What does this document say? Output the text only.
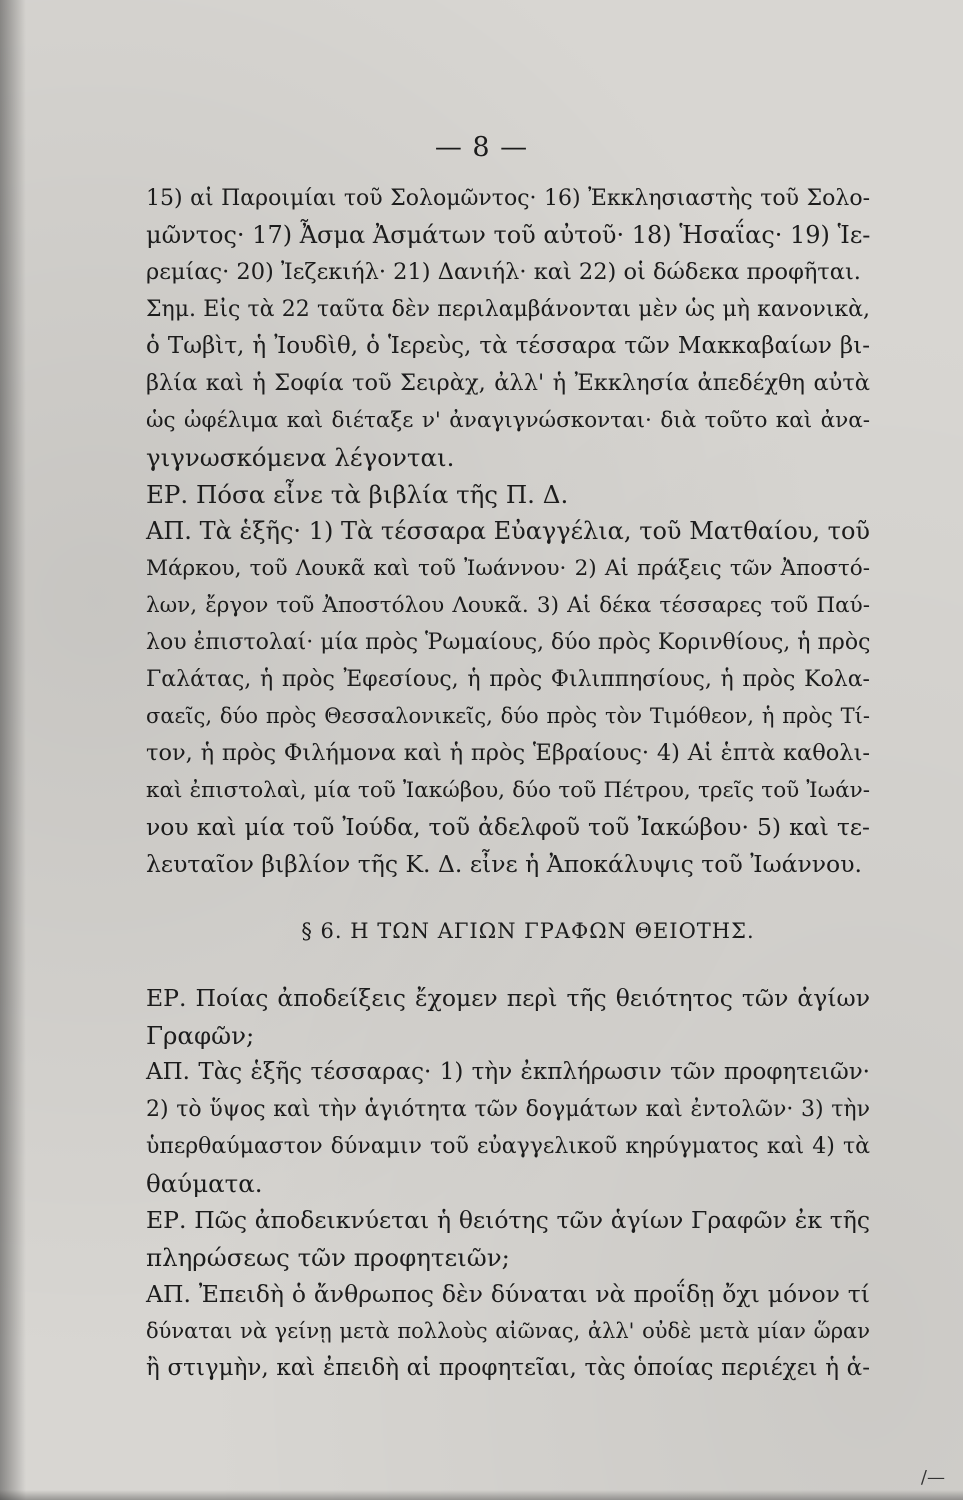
— 8 —
15) αἱ Παροιμίαι τοῦ Σολομῶντος· 16) Ἐκκλησιαστὴς τοῦ Σολο-
μῶντος· 17) Ἆσμα Ἀσμάτων τοῦ αὐτοῦ· 18) Ἡσαΐας· 19) Ἱε-
ρεμίας· 20) Ἰεζεκιήλ· 21) Δανιήλ· καὶ 22) οἱ δώδεκα προφῆται.
Σημ. Εἰς τὰ 22 ταῦτα δὲν περιλαμβάνονται μὲν ὡς μὴ κανονικὰ,
ὁ Τωβὶτ, ἡ Ἰουδὶθ, ὁ Ἱερεὺς, τὰ τέσσαρα τῶν Μακκαβαίων βι-
βλία καὶ ἡ Σοφία τοῦ Σειρὰχ, ἀλλ' ἡ Ἐκκλησία ἀπεδέχθη αὐτὰ
ὡς ὠφέλιμα καὶ διέταξε ν' ἀναγιγνώσκονται· διὰ τοῦτο καὶ ἀνα-
γιγνωσκόμενα λέγονται.
ΕΡ. Πόσα εἶνε τὰ βιβλία τῆς Π. Δ.
ΑΠ. Τὰ ἑξῆς· 1) Τὰ τέσσαρα Εὐαγγέλια, τοῦ Ματθαίου, τοῦ
Μάρκου, τοῦ Λουκᾶ καὶ τοῦ Ἰωάννου· 2) Αἱ πράξεις τῶν Ἀποστό-
λων, ἔργον τοῦ Ἀποστόλου Λουκᾶ. 3) Αἱ δέκα τέσσαρες τοῦ Παύ-
λου ἐπιστολαί· μία πρὸς Ῥωμαίους, δύο πρὸς Κορινθίους, ἡ πρὸς
Γαλάτας, ἡ πρὸς Ἐφεσίους, ἡ πρὸς Φιλιππησίους, ἡ πρὸς Κολα-
σαεῖς, δύο πρὸς Θεσσαλονικεῖς, δύο πρὸς τὸν Τιμόθεον, ἡ πρὸς Τί-
τον, ἡ πρὸς Φιλήμονα καὶ ἡ πρὸς Ἑβραίους· 4) Αἱ ἑπτὰ καθολι-
καὶ ἐπιστολαὶ, μία τοῦ Ἰακώβου, δύο τοῦ Πέτρου, τρεῖς τοῦ Ἰωάν-
νου καὶ μία τοῦ Ἰούδα, τοῦ ἀδελφοῦ τοῦ Ἰακώβου· 5) καὶ τε-
λευταῖον βιβλίον τῆς Κ. Δ. εἶνε ἡ Ἀποκάλυψις τοῦ Ἰωάννου.
§ 6. Η ΤΩΝ ΑΓΙΩΝ ΓΡΑΦΩΝ ΘΕΙΟΤΗΣ.
ΕΡ. Ποίας ἀποδείξεις ἔχομεν περὶ τῆς θειότητος τῶν ἁγίων
Γραφῶν;
ΑΠ. Τὰς ἑξῆς τέσσαρας· 1) τὴν ἐκπλήρωσιν τῶν προφητειῶν·
2) τὸ ὕψος καὶ τὴν ἁγιότητα τῶν δογμάτων καὶ ἐντολῶν· 3) τὴν
ὑπερθαύμαστον δύναμιν τοῦ εὐαγγελικοῦ κηρύγματος καὶ 4) τὰ
θαύματα.
ΕΡ. Πῶς ἀποδεικνύεται ἡ θειότης τῶν ἁγίων Γραφῶν ἐκ τῆς
πληρώσεως τῶν προφητειῶν;
ΑΠ. Ἐπειδὴ ὁ ἄνθρωπος δὲν δύναται νὰ προΐδῃ ὄχι μόνον τί
δύναται νὰ γείνῃ μετὰ πολλοὺς αἰῶνας, ἀλλ' οὐδὲ μετὰ μίαν ὥραν
ἢ στιγμὴν, καὶ ἐπειδὴ αἱ προφητεῖαι, τὰς ὁποίας περιέχει ἡ ἁ-
/—
